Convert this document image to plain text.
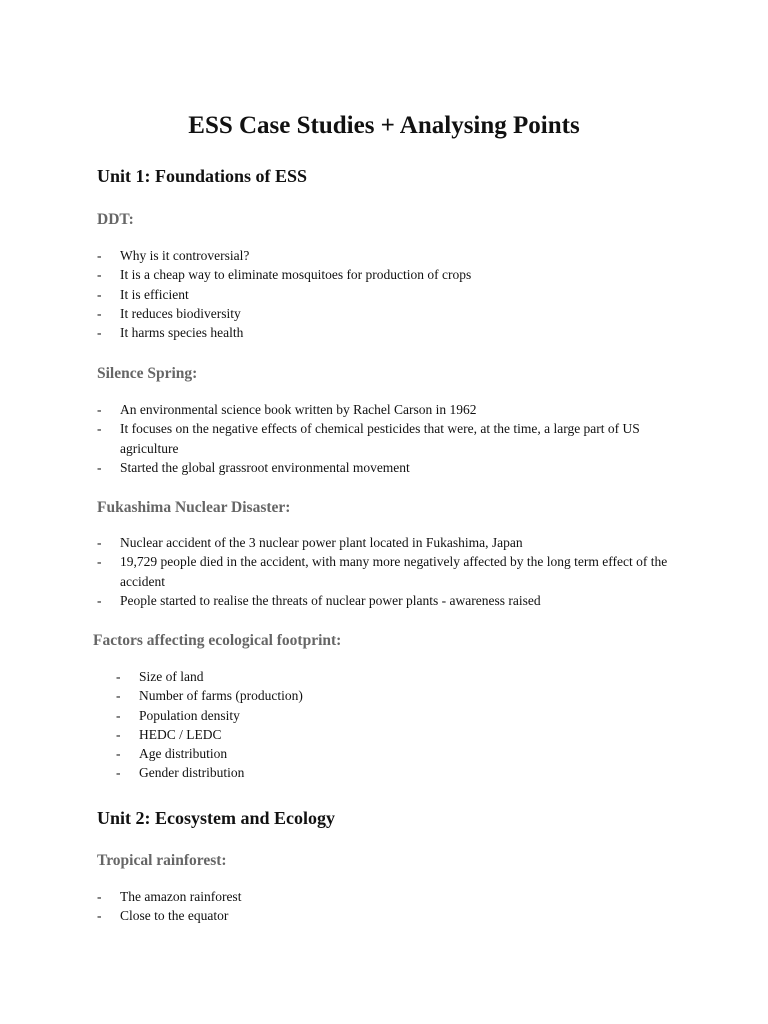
ESS Case Studies + Analysing Points
Unit 1: Foundations of ESS
DDT:
- Why is it controversial?
- It is a cheap way to eliminate mosquitoes for production of crops
- It is efficient
- It reduces biodiversity
- It harms species health
Silence Spring:
- An environmental science book written by Rachel Carson in 1962
- It focuses on the negative effects of chemical pesticides that were, at the time, a large part of US agriculture
- Started the global grassroot environmental movement
Fukashima Nuclear Disaster:
- Nuclear accident of the 3 nuclear power plant located in Fukashima, Japan
- 19,729 people died in the accident, with many more negatively affected by the long term effect of the accident
- People started to realise the threats of nuclear power plants - awareness raised
Factors affecting ecological footprint:
- Size of land
- Number of farms (production)
- Population density
- HEDC / LEDC
- Age distribution
- Gender distribution
Unit 2: Ecosystem and Ecology
Tropical rainforest:
- The amazon rainforest
- Close to the equator
